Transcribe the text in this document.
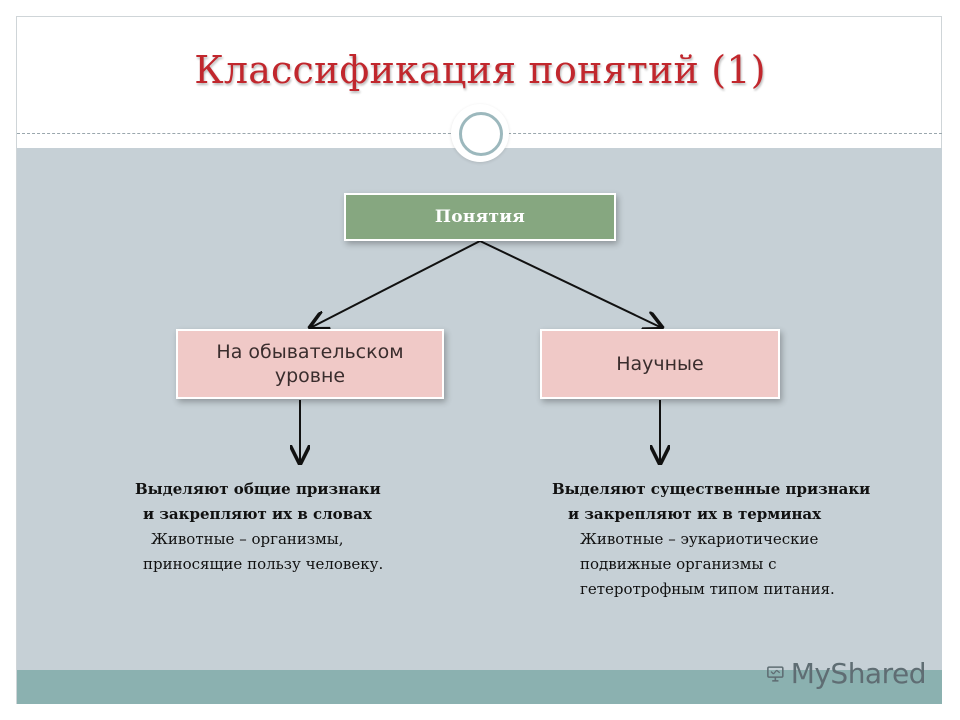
Классификация понятий (1)
Понятия
На обывательском уровне
Научные
Выделяют общие признаки
и закрепляют их в словах
Животные – организмы,
приносящие пользу человеку.
Выделяют существенные признаки
и закрепляют их в терминах
Животные – эукариотические
подвижные организмы с
гетеротрофным типом питания.
MyShared
